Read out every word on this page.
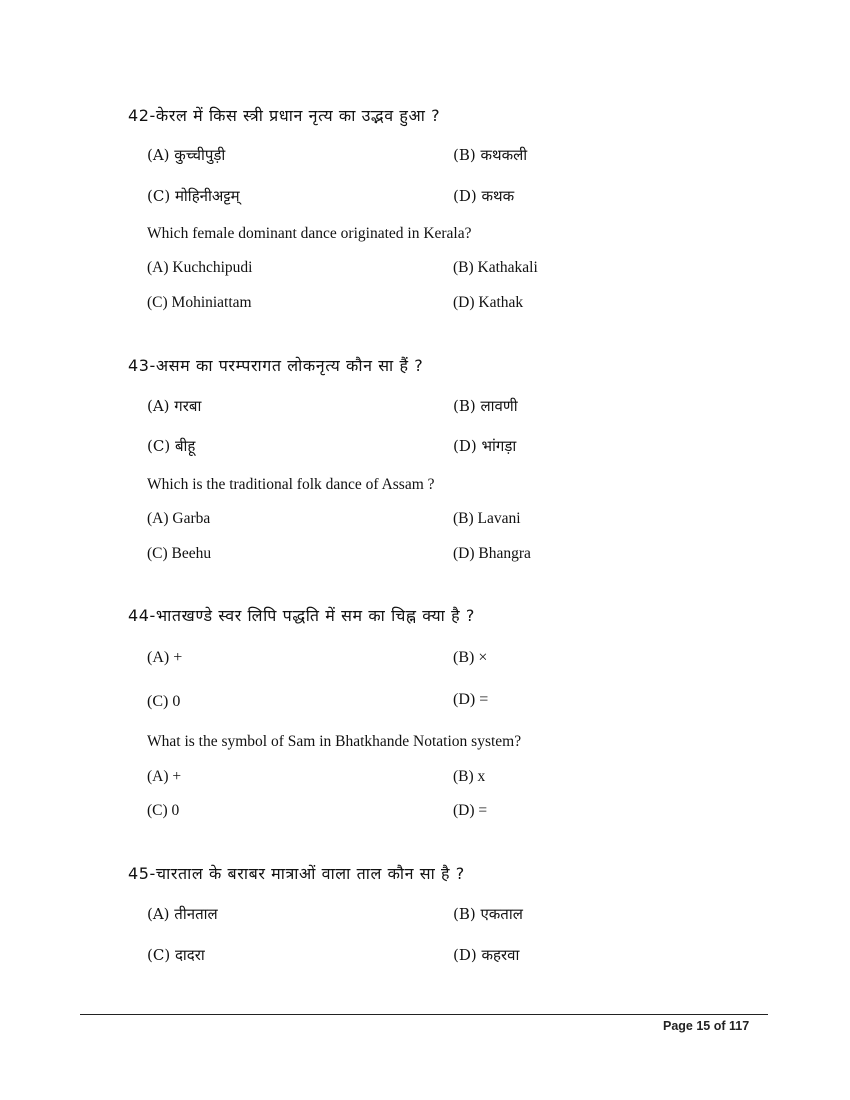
42-केरल में किस स्त्री प्रधान नृत्य का उद्भव हुआ ?
(A) कुच्चीपुड़ी	(B) कथकली
(C) मोहिनीअट्टम्	(D) कथक
Which female dominant dance originated in Kerala?
(A) Kuchchipudi	(B) Kathakali
(C) Mohiniattam	(D) Kathak
43-असम का परम्परागत लोकनृत्य कौन सा हैं ?
(A) गरबा	(B) लावणी
(C) बीहू	(D) भांगड़ा
Which is the traditional folk dance of Assam ?
(A) Garba	(B) Lavani
(C) Beehu	(D) Bhangra
44-भातखण्डे स्वर लिपि पद्धति में सम का चिह्न क्या है ?
(A) +	(B) ×
(C) 0	(D) =
What is the symbol of Sam in Bhatkhande Notation system?
(A) +	(B) x
(C) 0	(D) =
45-चारताल के बराबर मात्राओं वाला ताल कौन सा है ?
(A) तीनताल	(B) एकताल
(C) दादरा	(D) कहरवा
Page 15 of 117
